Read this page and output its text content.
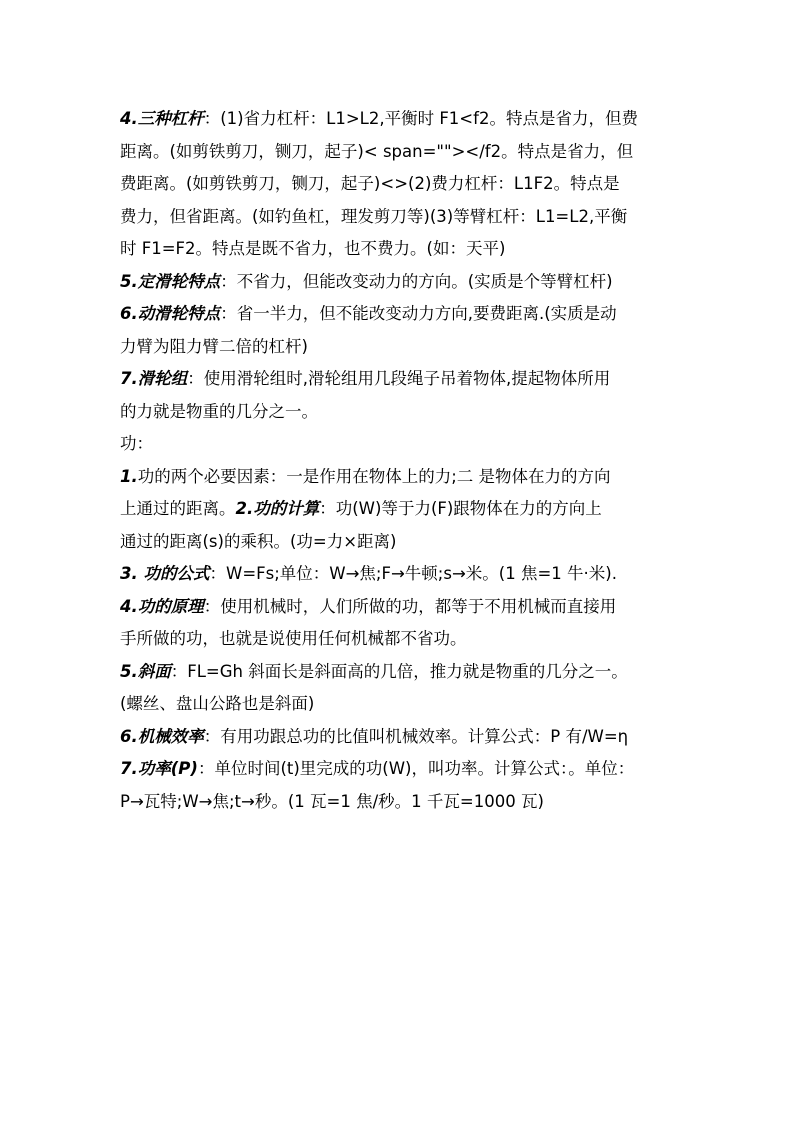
4.三种杠杆：(1)省力杠杆：L1>L2,平衡时 F1<f2。特点是省力，但费
距离。(如剪铁剪刀，铡刀，起子)< span=""></f2。特点是省力，但
费距离。(如剪铁剪刀，铡刀，起子)<>(2)费力杠杆：L1F2。特点是
费力，但省距离。(如钓鱼杠，理发剪刀等)(3)等臂杠杆：L1=L2,平衡
时 F1=F2。特点是既不省力，也不费力。(如：天平)
5.定滑轮特点：不省力，但能改变动力的方向。(实质是个等臂杠杆)
6.动滑轮特点：省一半力，但不能改变动力方向,要费距离.(实质是动
力臂为阻力臂二倍的杠杆)
7.滑轮组：使用滑轮组时,滑轮组用几段绳子吊着物体,提起物体所用
的力就是物重的几分之一。
功：
1.功的两个必要因素：一是作用在物体上的力;二 是物体在力的方向
上通过的距离。2.功的计算：功(W)等于力(F)跟物体在力的方向上
通过的距离(s)的乘积。(功=力×距离)
3. 功的公式：W=Fs;单位：W→焦;F→牛顿;s→米。(1 焦=1 牛·米).
4.功的原理：使用机械时，人们所做的功，都等于不用机械而直接用
手所做的功，也就是说使用任何机械都不省功。
5.斜面：FL=Gh 斜面长是斜面高的几倍，推力就是物重的几分之一。
(螺丝、盘山公路也是斜面)
6.机械效率：有用功跟总功的比值叫机械效率。计算公式：P 有/W=η
7.功率(P)：单位时间(t)里完成的功(W)，叫功率。计算公式：。单位：
P→瓦特;W→焦;t→秒。(1 瓦=1 焦/秒。1 千瓦=1000 瓦)
